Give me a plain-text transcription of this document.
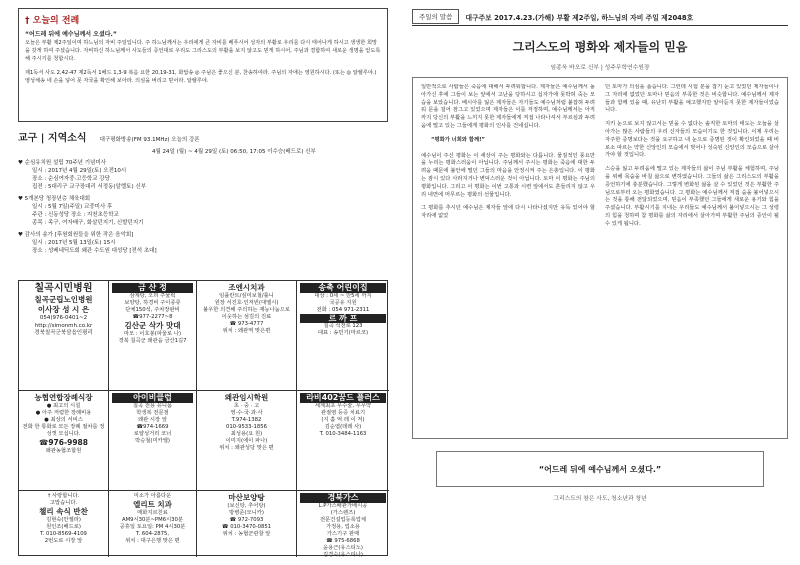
† 오늘의 전례
“어드레 뒤에 예수님께서 오셨다.”
오늘은 부활 제2주일이며 하느님의 자비 주일입니다. 주 하느님께서는 우리에게 큰 자비를 베푸시어 성자의 부활로 우리를 다시 태어나게 하시고 생생한 희망을 갖게 하여 주셨습니다. 자비하신 하느님께서 사도들의 증언대로 우리도 그리스도의 부활을 보지 않고도 믿게 하시어, 주님과 결합하여 새로운 생명을 얻도록 해 주시기를 청합시다.
제1독서 사도 2,42-47 제2독서 1베드 1,3-9 복음 요한 20,19-31, 화답송 ◎ 주님은 좋으신 분, 찬송하여라. 주님의 자애는 영원하시다. (또는 ◎ 알렐루야.) 영성체송 네 손을 넣어 못 자국을 확인해 보아라. 의심을 버리고 믿어라. 알렐루야.
교구 | 지역소식 대구평화방송(FM 93.1MHz) 오늘의 강론
4월 24일 (월) ~ 4월 29일 (토) 06:50, 17:05 이수승(베드로) 신부
♥ 순심유치원 설립 70주년 기념미사
일시 : 2017년 4월 29일(토) 오전10시
장소 : 순심여자중·고등학교 강당
집전 : 5대리구 교구장대리 서정동(알렐토) 신부
♥ 5개본당 청장년층 체육대회
일시 : 5월 7일(주일) 교중미사 후
주관 : 신동성당 장소 : 지천초등학교
종목 : 족구, 여자배구, 화살던지기, 신발던지기
♥ 감사의 송가 [후원회원들을 위한 작은 음악회]
일시 : 2017년 5월 13일(토) 15시
장소 : 성베네딕도회 왜관 수도원 대성당 [전석 초대]
칠곡시민병원
칠곡군립노인병원
이사장 성 시 은
054)976-0401~2
http://simonmh.co.kr
경북칠곡군북삼읍인평리
금 산 정
삼계탕, 오리 주물럭
보양탕, 하경비 구이종류
단체150석, 주차장완비
☎977-2277~8
김산군 삭가 맛대
마모 : 이호봉(파울로 나)
경북 칠곡군 왜관읍 금산1길7
조엔시치과
임플란트/심미보철/틀니
원장 서진호·인저빈(대엘시)
불우한 의견해 주의하는 재능나눔으로 이웃하는 섬김의 진료
☎ 973-4777
위치 : 왜관역 맞은편
송축 어린이집
대상 : 0세 ~ 만5세 까지
국공유 지원
전화 : 054 971-2311
르 까 프
칠곡 석전로 123
대표 : 송민기(마르코)
농협연합장례식장
● 최고의 시설
● 아주 저렴한 장례비용
● 최상의 서비스
전화 한 통화로 모든 장례 절차를 정성껏 모십니다.
☎976-9988
왜관농협조합원
아이비클럽
칠곡 전용 유니폼
학생복 전문점
왜관 시장 앞
☎974-1669
로얄성거리 코너
박승철(미카엘)
왜관임시학원
초 · 중 · 고
영·수·국·과·사
T.974-1382
010-9533-1856
최성용(요 원)
이미지(에이 파나)
위치 : 왜관성당 맞은 편
라비402꿈드 플러스
세계최초 무수술, 무무약
관절염 등증 치료기
(지 홀 억 레 이 저)
김순엽(데레 사)
T. 010-3484-1163
† 사랑합니다.
고맙습니다.
챌리 속식 반찬
김현숙(안젤라)
원인조(베드로)
T. 010-8569-4109
2번도로 시장 앞
미소가 아름다운
엘리트 치과
매화지르친료
AM9시30분~PM6시30분
공휴일 토요일: PM 4시30분
T. 604-2875,
위치 : 대구은행 맞은 편
마산보양탕
(보신탕, 추어탕)
방병준(모니카)
☎ 972-7093
☎ 010-3470-0851
위치 : 농협군관찰 앞
경북가스
L.P가스배관가배시공
(가스렌즈)
전문건설업등록업체
가정용, 업소용
가스기구 판매
☎ 975-6868
윤용근(유스티노)
김경숙(유스티나)
주일의 말씀	대구주보 2017.4.23.(가해) 부활 제2주일, 하느님의 자비 주일 제2048호
그리스도의 평화와 제자들의 믿음
임종욱 바오로 신부 | 성주무학연수원장

일반적으로 사람들은 죽음에 대해서 두려워합니다. 제자들은 예수님께서 돌아가신 후에 그들이 보는 앞에서 고난을 당하시고 십자가에 못박혀 죽는 모습을 보았습니다. 베시아를 잃은 제자들은 자기들도 예수님처럼 붙잡혀 두려워 문을 걸어 잠그고 있었으며 제자들은 이를 걱정하며, 예수님께서는 아직까지 당신의 부활을 느끼지 못한 제자들에게 직접 나타나셔서 부르심과 두려움에 떨고 있는 그들에게 평화의 인사를 건네십니다.

“평화가 너희와 함께!”

예수님이 주신 평화는 이 세상이 주는 평화와는 다릅니다. 물질적인 풍요만을 누리는 평화스러움이 아닙니다. 주님께서 주시는 평화는 죽음에 대한 두려움 때문에 불안에 떨던 그들의 마음을 안정시켜 주는 은총입니다. 이 평화는 잠시 있다 사라지거나 변덕스러운 것이 아닙니다. 토마 이 평화는 주님의 평화입니다. 그리고 이 평화는 이번 고통과 시련 앞에서도 흔들리지 않고 우리 내면에 머무르는 평화의 선물입니다.

그 평화를 추시던 예수님은 제자들 앞에 다시 나타나셨지만 유독 있어야 할 자리에 없었

던 토마가 의심을 품습니다. 그런데 시험 분을 잡기 눈고 있었던 제자들이나 그 자리에 없었던 토마나 믿음의 부족한 것은 비슷합니다. 예수님께서 제자들과 함께 있을 때, 유난히 부활을 예고했지만 알아듣지 못한 제자들이었습니다.

지키 눈으로 보지 않고서는 믿을 수 없다는 솔직한 토마의 태도는 오늘을 살아가는 많은 사람들의 우리 신자들의 모습이기도 한 것입니다. 이제 우리는 자주한 증명보다는 것을 요구하고 내 눈으로 증명된 것이 확인되었을 때 비로소 따르는 약한 신앙인의 모습에서 벗어나 성숙된 신앙인의 모습으로 살아가야 할 것입니다.

스승을 잃고 두려움에 떨고 있는 제자들의 삶이 주님 부활을 체험하며, 주님을 위해 목숨을 바칠 삶으로 변하였습니다. 그들의 삶은 그리스도의 부활을 증언하기에 충분했습니다. 그렇게 변화된 삶을 살 수 있었던 것은 부활한 주님으로부터 오는 평화였습니다. 그 평화는 예수님께서 직접 숨을 불어넣으시는 것을 통해 전달되었으며, 믿음이 부족했던 그들에게 새로운 용기와 힘을 주셨습니다. 부활시기를 지내는 우리들도 예수님께서 불어넣으시는 그 성령의 힘을 청하며 참 평화를 삶의 자리에서 살아가며 부활한 주님의 증인이 될 수 있게 됩니다.

“어드레 뒤에 예수님께서 오셨다.”
그리스도의 참은 사도, 청소년과 청년
